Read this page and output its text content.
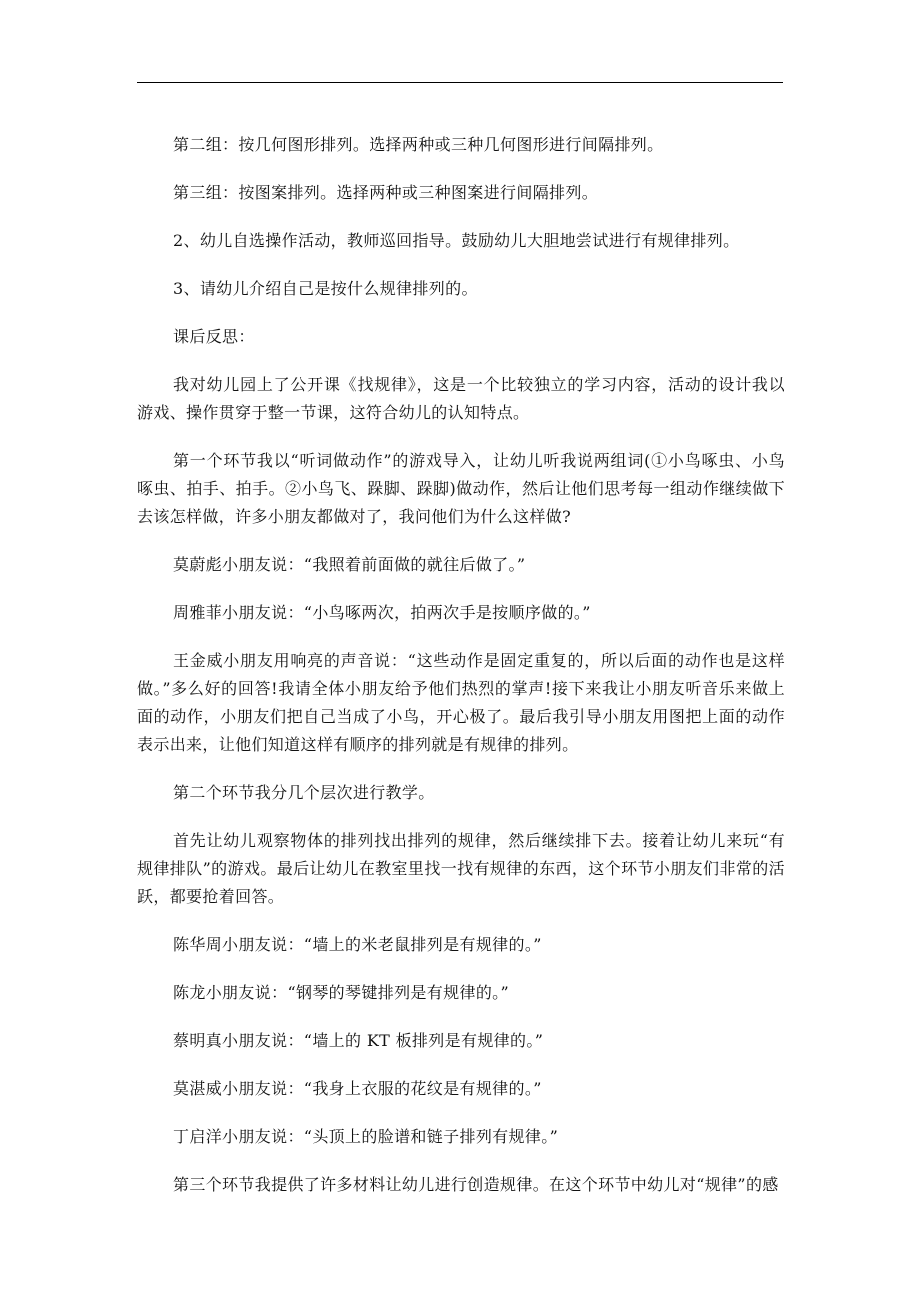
第二组：按几何图形排列。选择两种或三种几何图形进行间隔排列。

第三组：按图案排列。选择两种或三种图案进行间隔排列。

2、幼儿自选操作活动，教师巡回指导。鼓励幼儿大胆地尝试进行有规律排列。

3、请幼儿介绍自己是按什么规律排列的。

课后反思：

我对幼儿园上了公开课《找规律》，这是一个比较独立的学习内容，活动的设计我以游戏、操作贯穿于整一节课，这符合幼儿的认知特点。

第一个环节我以“听词做动作”的游戏导入，让幼儿听我说两组词(①小鸟啄虫、小鸟啄虫、拍手、拍手。②小鸟飞、跺脚、跺脚)做动作，然后让他们思考每一组动作继续做下去该怎样做，许多小朋友都做对了，我问他们为什么这样做?

莫蔚彪小朋友说：“我照着前面做的就往后做了。”

周雅菲小朋友说：“小鸟啄两次，拍两次手是按顺序做的。”

王金威小朋友用响亮的声音说：“这些动作是固定重复的，所以后面的动作也是这样做。”多么好的回答!我请全体小朋友给予他们热烈的掌声!接下来我让小朋友听音乐来做上面的动作，小朋友们把自己当成了小鸟，开心极了。最后我引导小朋友用图把上面的动作表示出来，让他们知道这样有顺序的排列就是有规律的排列。

第二个环节我分几个层次进行教学。

首先让幼儿观察物体的排列找出排列的规律，然后继续排下去。接着让幼儿来玩“有规律排队”的游戏。最后让幼儿在教室里找一找有规律的东西，这个环节小朋友们非常的活跃，都要抢着回答。

陈华周小朋友说：“墙上的米老鼠排列是有规律的。”

陈龙小朋友说：“钢琴的琴键排列是有规律的。”

蔡明真小朋友说：“墙上的 KT 板排列是有规律的。”

莫湛威小朋友说：“我身上衣服的花纹是有规律的。”

丁启洋小朋友说：“头顶上的脸谱和链子排列有规律。”

第三个环节我提供了许多材料让幼儿进行创造规律。在这个环节中幼儿对“规律”的感
